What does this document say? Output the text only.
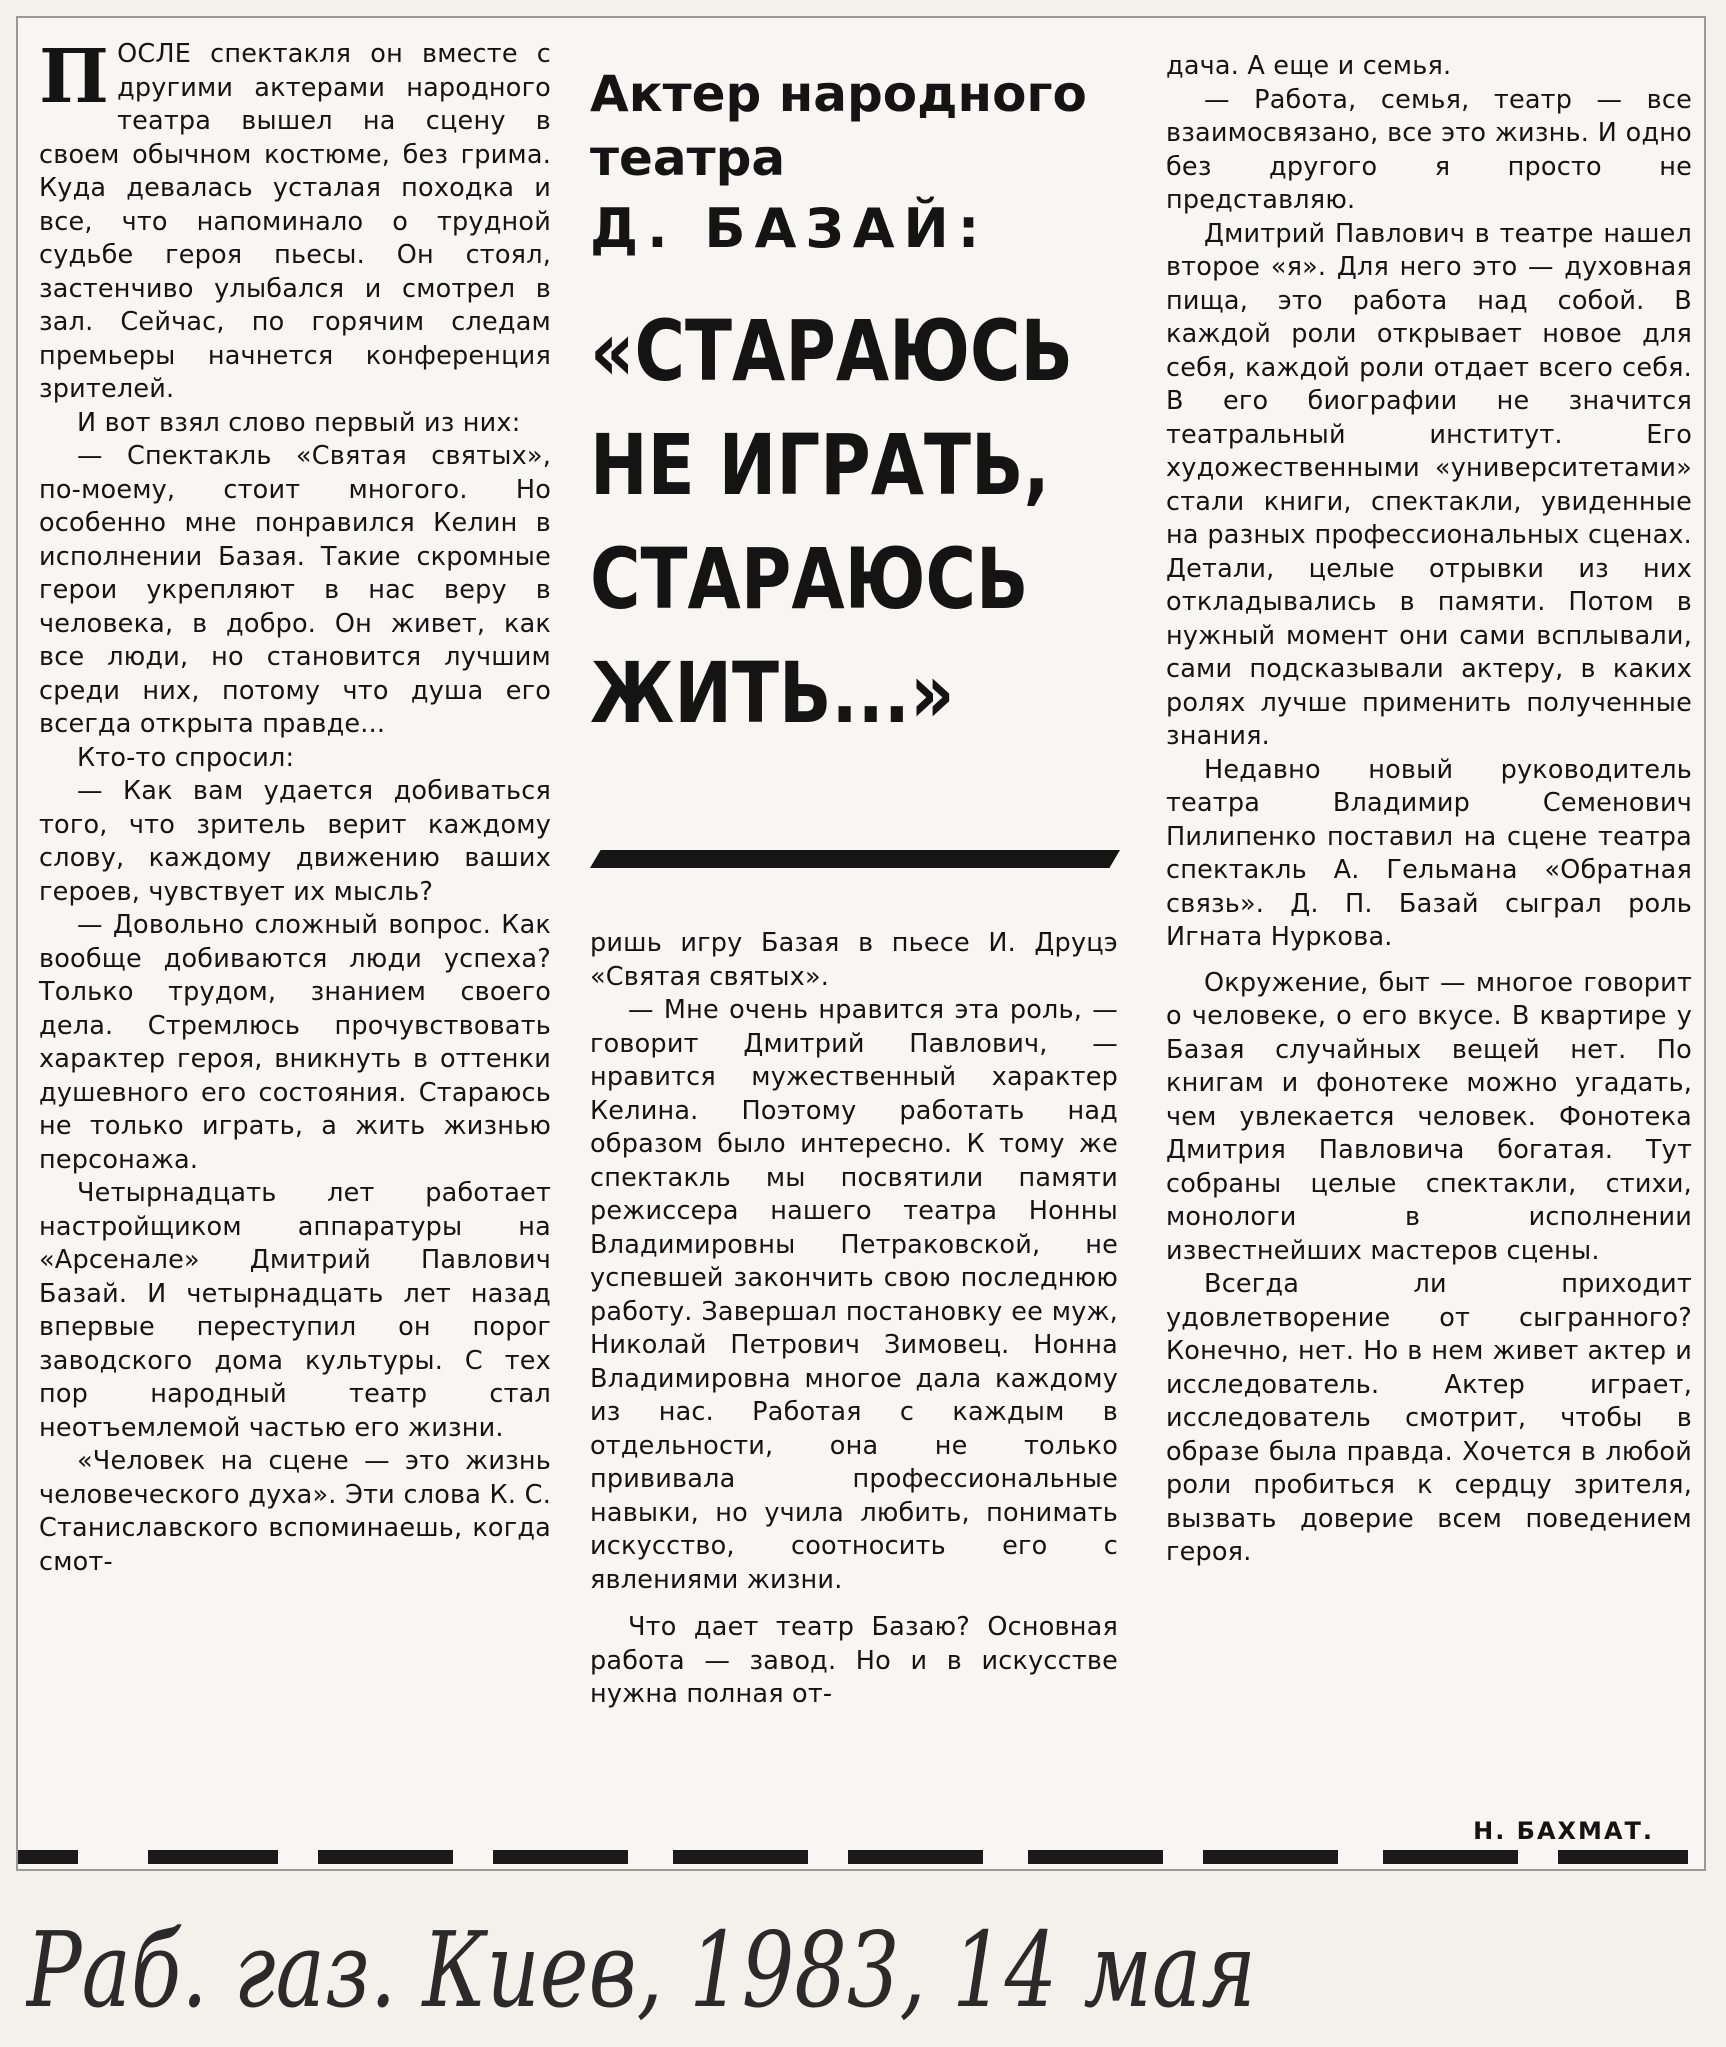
ПОСЛЕ спектакля он вместе с другими актерами народного театра вышел на сцену в своем обычном костюме, без грима. Куда девалась усталая походка и все, что напоминало о трудной судьбе героя пьесы. Он стоял, застенчиво улыбался и смотрел в зал. Сейчас, по горячим следам премьеры начнется конференция зрителей.

И вот взял слово первый из них:

— Спектакль «Святая святых», по-моему, стоит многого. Но особенно мне понравился Келин в исполнении Базая. Такие скромные герои укрепляют в нас веру в человека, в добро. Он живет, как все люди, но становится лучшим среди них, потому что душа его всегда открыта правде...

Кто-то спросил:

— Как вам удается добиваться того, что зритель верит каждому слову, каждому движению ваших героев, чувствует их мысль?

— Довольно сложный вопрос. Как вообще добиваются люди успеха? Только трудом, знанием своего дела. Стремлюсь прочувствовать характер героя, вникнуть в оттенки душевного его состояния. Стараюсь не только играть, а жить жизнью персонажа.

Четырнадцать лет работает настройщиком аппаратуры на «Арсенале» Дмитрий Павлович Базай. И четырнадцать лет назад впервые переступил он порог заводского дома культуры. С тех пор народный театр стал неотъемлемой частью его жизни.

«Человек на сцене — это жизнь человеческого духа». Эти слова К. С. Станиславского вспоминаешь, когда смот-

Актер народного
театра
Д. БАЗАЙ:
«СТАРАЮСЬ
НЕ ИГРАТЬ,
СТАРАЮСЬ
ЖИТЬ...»

ришь игру Базая в пьесе И. Друцэ «Святая святых».

— Мне очень нравится эта роль, — говорит Дмитрий Павлович, — нравится мужественный характер Келина. Поэтому работать над образом было интересно. К тому же спектакль мы посвятили памяти режиссера нашего театра Нонны Владимировны Петраковской, не успевшей закончить свою последнюю работу. Завершал постановку ее муж, Николай Петрович Зимовец. Нонна Владимировна многое дала каждому из нас. Работая с каждым в отдельности, она не только прививала профессиональные навыки, но учила любить, понимать искусство, соотносить его с явлениями жизни.

Что дает театр Базаю? Основная работа — завод. Но и в искусстве нужна полная от-

дача. А еще и семья.

— Работа, семья, театр — все взаимосвязано, все это жизнь. И одно без другого я просто не представляю.

Дмитрий Павлович в театре нашел второе «я». Для него это — духовная пища, это работа над собой. В каждой роли открывает новое для себя, каждой роли отдает всего себя. В его биографии не значится театральный институт. Его художественными «университетами» стали книги, спектакли, увиденные на разных профессиональных сценах. Детали, целые отрывки из них откладывались в памяти. Потом в нужный момент они сами всплывали, сами подсказывали актеру, в каких ролях лучше применить полученные знания.

Недавно новый руководитель театра Владимир Семенович Пилипенко поставил на сцене театра спектакль А. Гельмана «Обратная связь». Д. П. Базай сыграл роль Игната Нуркова.

Окружение, быт — многое говорит о человеке, о его вкусе. В квартире у Базая случайных вещей нет. По книгам и фонотеке можно угадать, чем увлекается человек. Фонотека Дмитрия Павловича богатая. Тут собраны целые спектакли, стихи, монологи в исполнении известнейших мастеров сцены.

Всегда ли приходит удовлетворение от сыгранного? Конечно, нет. Но в нем живет актер и исследователь. Актер играет, исследователь смотрит, чтобы в образе была правда. Хочется в любой роли пробиться к сердцу зрителя, вызвать доверие всем поведением героя.

Н. БАХМАТ.
Раб. газ. Киев, 1983, 14 мая
